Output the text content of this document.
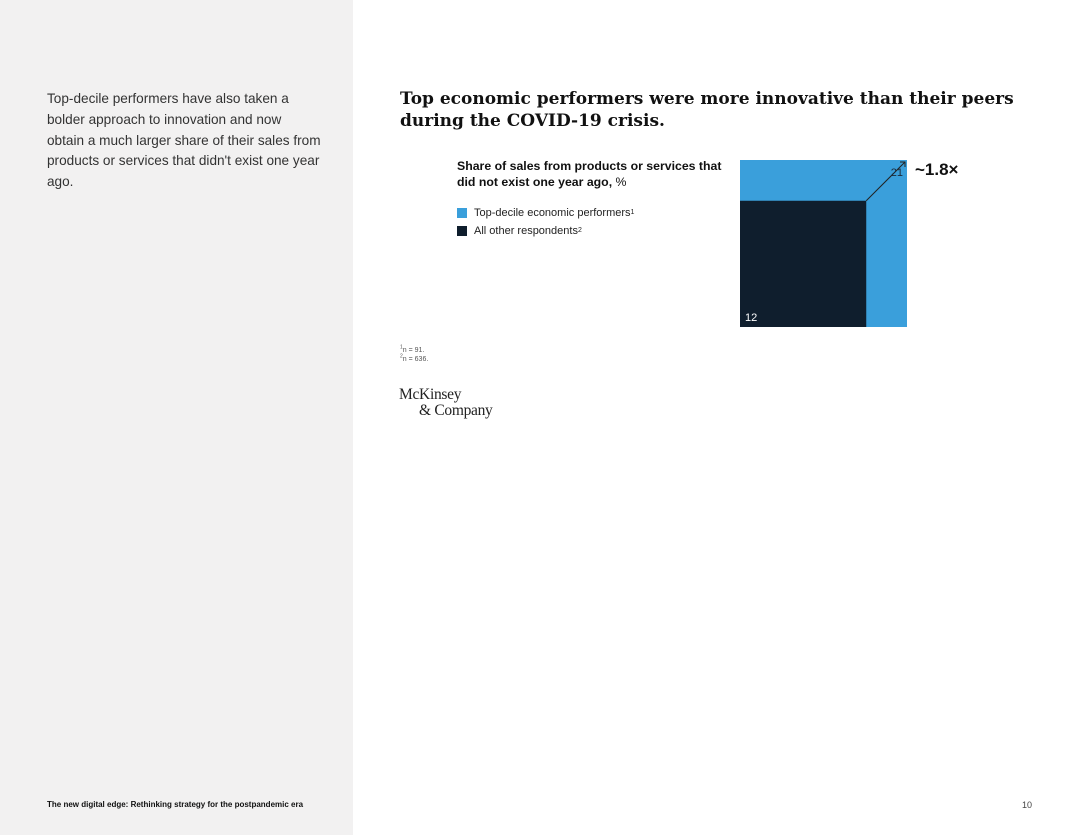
Top-decile performers have also taken a bolder approach to innovation and now obtain a much larger share of their sales from products or services that didn't exist one year ago.

The new digital edge: Rethinking strategy for the postpandemic era
Top economic performers were more innovative than their peers during the COVID-19 crisis.
Share of sales from products or services that did not exist one year ago, %
Top-decile economic performers 1
All other respondents 2
21
12
~1.8×
$^1$n = 91.
$^2$n = 636.
McKinsey
& Company
10
